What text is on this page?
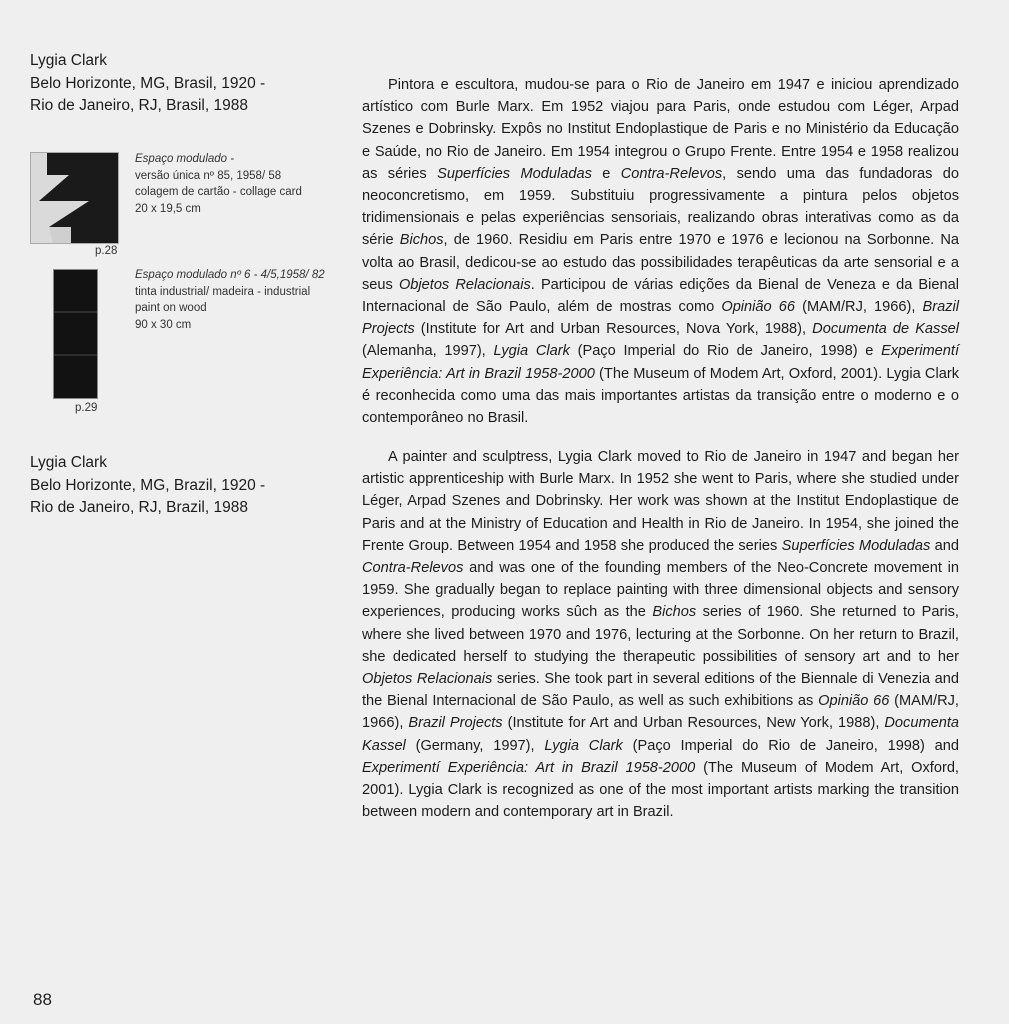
Lygia Clark
Belo Horizonte, MG, Brasil, 1920 -
Rio de Janeiro, RJ, Brasil, 1988
p.28
Espaço modulado -
versão única nº 85, 1958/ 58
colagem de cartão - collage card
20 x 19,5 cm
p.29
Espaço modulado nº 6 - 4/5,1958/ 82
tinta industrial/ madeira - industrial
paint on wood
90 x 30 cm
Lygia Clark
Belo Horizonte, MG, Brazil, 1920 -
Rio de Janeiro, RJ, Brazil, 1988

Pintora e escultora, mudou-se para o Rio de Janeiro em 1947 e iniciou aprendizado artístico com Burle Marx. Em 1952 viajou para Paris, onde estudou com Léger, Arpad Szenes e Dobrinsky. Expôs no Institut Endoplastique de Paris e no Ministério da Educação e Saúde, no Rio de Janeiro. Em 1954 integrou o Grupo Frente. Entre 1954 e 1958 realizou as séries Superfícies Moduladas e Contra-Relevos, sendo uma das fundadoras do neoconcretismo, em 1959. Substituiu progressivamente a pintura pelos objetos tridimensionais e pelas experiências sensoriais, realizando obras interativas como as da série Bichos, de 1960. Residiu em Paris entre 1970 e 1976 e lecionou na Sorbonne. Na volta ao Brasil, dedicou-se ao estudo das possibilidades terapêuticas da arte sensorial e a seus Objetos Relacionais. Participou de várias edições da Bienal de Veneza e da Bienal Internacional de São Paulo, além de mostras como Opinião 66 (MAM/RJ, 1966), Brazil Projects (Institute for Art and Urban Resources, Nova York, 1988), Documenta de Kassel (Alemanha, 1997), Lygia Clark (Paço Imperial do Rio de Janeiro, 1998) e Experimentí Experiência: Art in Brazil 1958-2000 (The Museum of Modem Art, Oxford, 2001). Lygia Clark é reconhecida como uma das mais importantes artistas da transição entre o moderno e o contemporâneo no Brasil.

A painter and sculptress, Lygia Clark moved to Rio de Janeiro in 1947 and began her artistic apprenticeship with Burle Marx. In 1952 she went to Paris, where she studied under Léger, Arpad Szenes and Dobrinsky. Her work was shown at the Institut Endoplastique de Paris and at the Ministry of Education and Health in Rio de Janeiro. In 1954, she joined the Frente Group. Between 1954 and 1958 she produced the series Superfícies Moduladas and Contra-Relevos and was one of the founding members of the Neo-Concrete movement in 1959. She gradually began to replace painting with three dimensional objects and sensory experiences, producing works sûch as the Bichos series of 1960. She returned to Paris, where she lived between 1970 and 1976, lecturing at the Sorbonne. On her return to Brazil, she dedicated herself to studying the therapeutic possibilities of sensory art and to her Objetos Relacionais series. She took part in several editions of the Biennale di Venezia and the Bienal Internacional de São Paulo, as well as such exhibitions as Opinião 66 (MAM/RJ, 1966), Brazil Projects (Institute for Art and Urban Resources, New York, 1988), Documenta Kassel (Germany, 1997), Lygia Clark (Paço Imperial do Rio de Janeiro, 1998) and Experimentí Experiência: Art in Brazil 1958-2000 (The Museum of Modem Art, Oxford, 2001). Lygia Clark is recognized as one of the most important artists marking the transition between modern and contemporary art in Brazil.

88
